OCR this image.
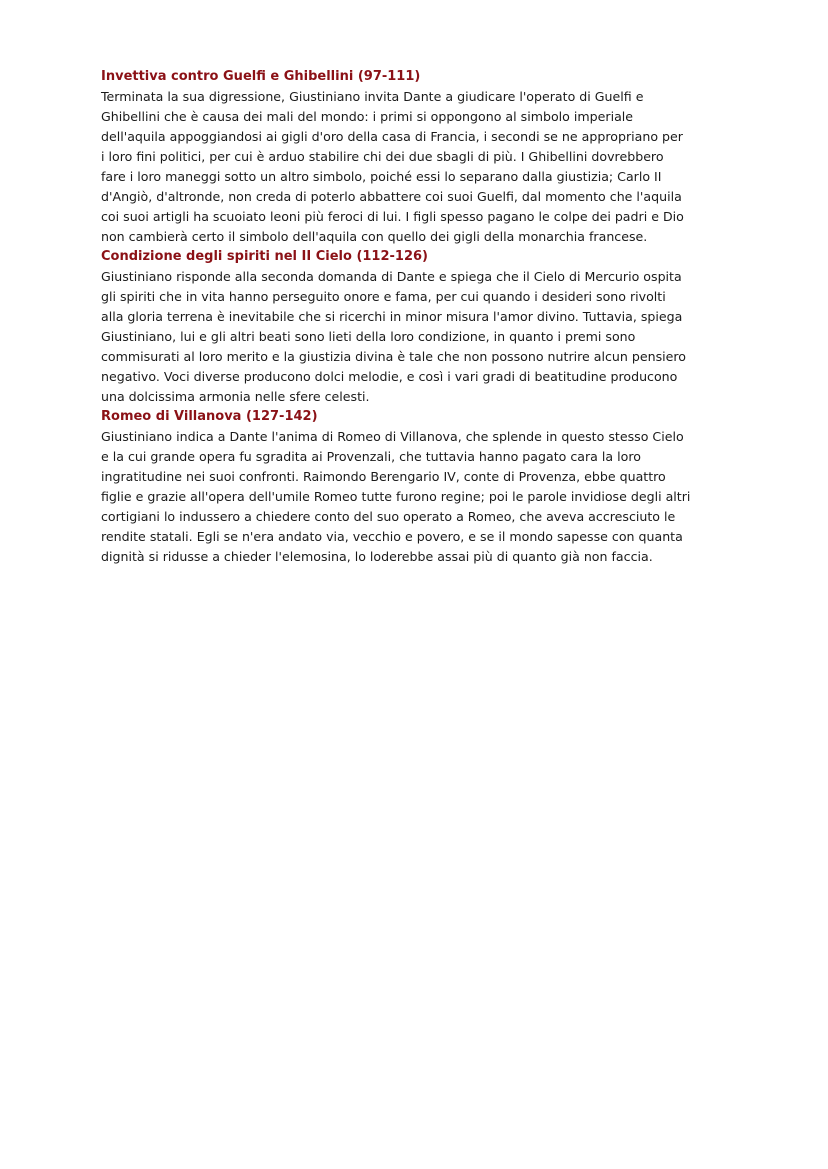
Invettiva contro Guelfi e Ghibellini (97-111)

Terminata la sua digressione, Giustiniano invita Dante a giudicare l'operato di Guelfi e
Ghibellini che è causa dei mali del mondo: i primi si oppongono al simbolo imperiale
dell'aquila appoggiandosi ai gigli d'oro della casa di Francia, i secondi se ne appropriano per
i loro fini politici, per cui è arduo stabilire chi dei due sbagli di più. I Ghibellini dovrebbero
fare i loro maneggi sotto un altro simbolo, poiché essi lo separano dalla giustizia; Carlo II
d'Angiò, d'altronde, non creda di poterlo abbattere coi suoi Guelfi, dal momento che l'aquila
coi suoi artigli ha scuoiato leoni più feroci di lui. I figli spesso pagano le colpe dei padri e Dio
non cambierà certo il simbolo dell'aquila con quello dei gigli della monarchia francese.

Condizione degli spiriti nel II Cielo (112-126)

Giustiniano risponde alla seconda domanda di Dante e spiega che il Cielo di Mercurio ospita
gli spiriti che in vita hanno perseguito onore e fama, per cui quando i desideri sono rivolti
alla gloria terrena è inevitabile che si ricerchi in minor misura l'amor divino. Tuttavia, spiega
Giustiniano, lui e gli altri beati sono lieti della loro condizione, in quanto i premi sono
commisurati al loro merito e la giustizia divina è tale che non possono nutrire alcun pensiero
negativo. Voci diverse producono dolci melodie, e così i vari gradi di beatitudine producono
una dolcissima armonia nelle sfere celesti.

Romeo di Villanova (127-142)

Giustiniano indica a Dante l'anima di Romeo di Villanova, che splende in questo stesso Cielo
e la cui grande opera fu sgradita ai Provenzali, che tuttavia hanno pagato cara la loro
ingratitudine nei suoi confronti. Raimondo Berengario IV, conte di Provenza, ebbe quattro
figlie e grazie all'opera dell'umile Romeo tutte furono regine; poi le parole invidiose degli altri
cortigiani lo indussero a chiedere conto del suo operato a Romeo, che aveva accresciuto le
rendite statali. Egli se n'era andato via, vecchio e povero, e se il mondo sapesse con quanta
dignità si ridusse a chieder l'elemosina, lo loderebbe assai più di quanto già non faccia.
